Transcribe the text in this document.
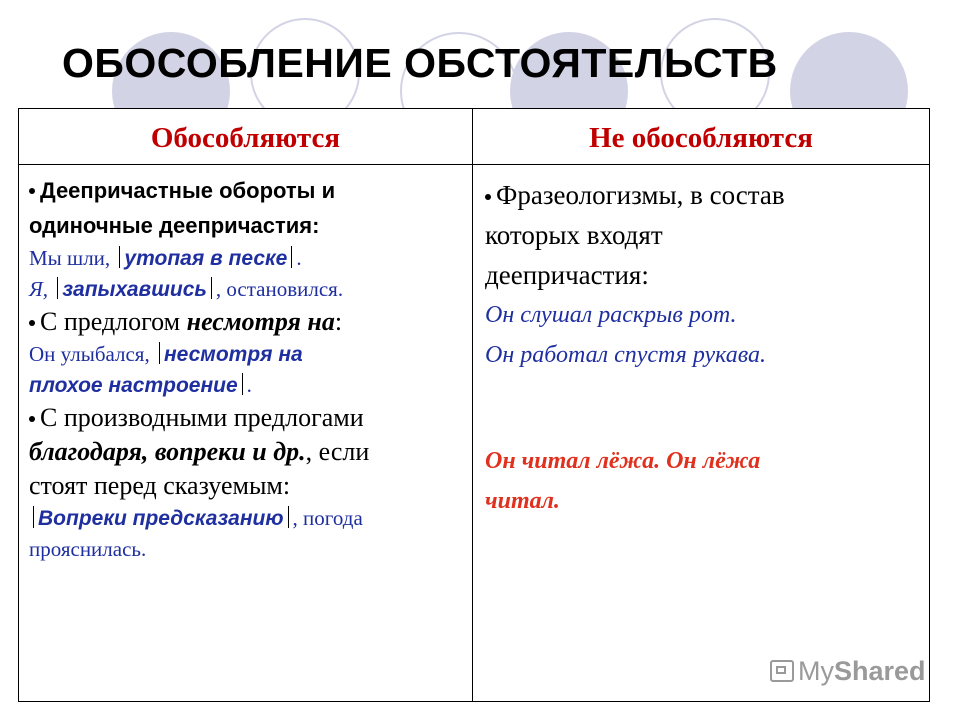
ОБОСОБЛЕНИЕ ОБСТОЯТЕЛЬСТВ
Обособляются	Не обособляются
Деепричастные обороты и
одиночные деепричастия:
Мы шли, утопая в песке .
Я, запыхавшись , остановился.
С предлогом несмотря на:
Он улыбался, несмотря на
плохое настроение .
С производными предлогами
благодаря, вопреки и др., если
стоят перед сказуемым:
Вопреки предсказанию , погода
прояснилась.
Фразеологизмы, в состав
которых входят
деепричастия:
Он слушал раскрыв рот.
Он работал спустя рукава.
Он читал лёжа. Он лёжа
читал.
MyShared
